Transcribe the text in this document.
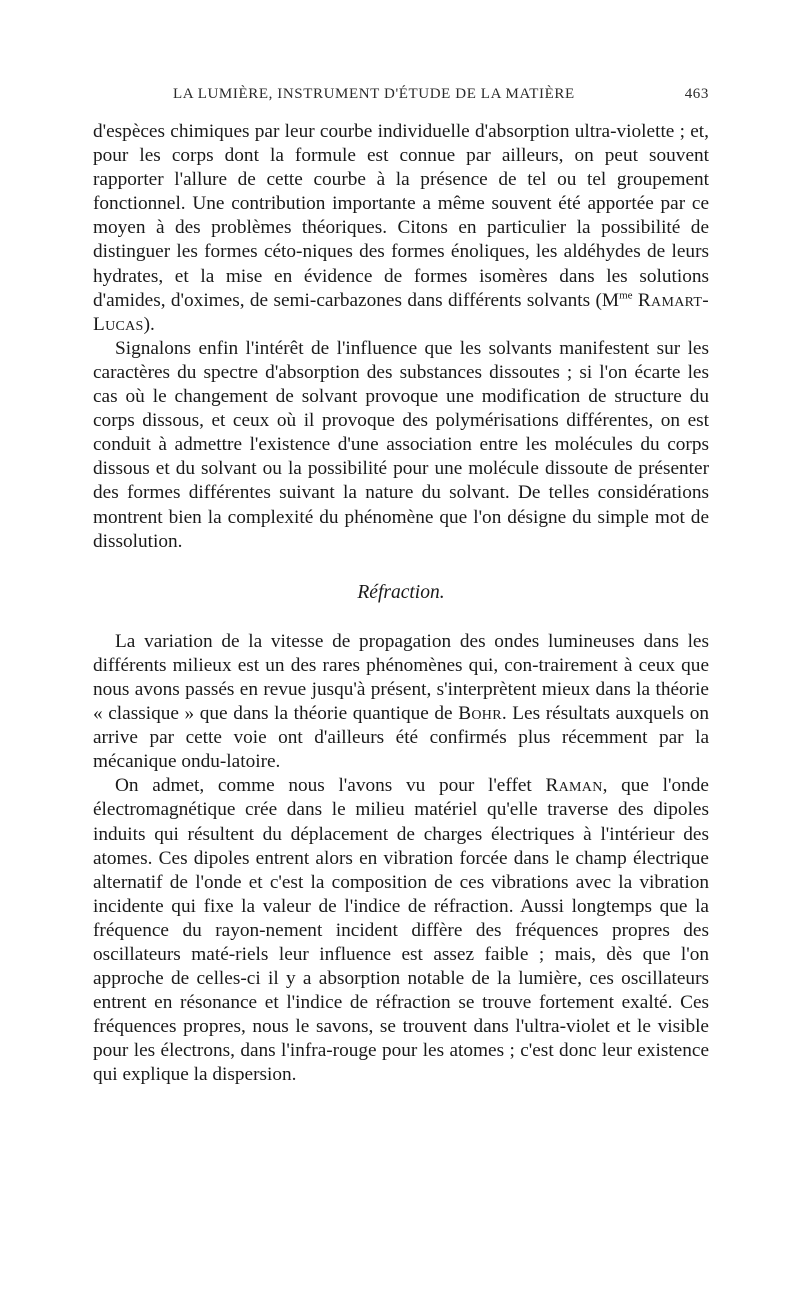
LA LUMIÈRE, INSTRUMENT D'ÉTUDE DE LA MATIÈRE	463

d'espèces chimiques par leur courbe individuelle d'absorption ultra-violette ; et, pour les corps dont la formule est connue par ailleurs, on peut souvent rapporter l'allure de cette courbe à la présence de tel ou tel groupement fonctionnel. Une contribution importante a même souvent été apportée par ce moyen à des problèmes théoriques. Citons en particulier la possibilité de distinguer les formes céto-niques des formes énoliques, les aldéhydes de leurs hydrates, et la mise en évidence de formes isomères dans les solutions d'amides, d'oximes, de semi-carbazones dans différents solvants ($M^{me}$ Ramart-Lucas).

Signalons enfin l'intérêt de l'influence que les solvants manifestent sur les caractères du spectre d'absorption des substances dissoutes ; si l'on écarte les cas où le changement de solvant provoque une modification de structure du corps dissous, et ceux où il provoque des polymérisations différentes, on est conduit à admettre l'existence d'une association entre les molécules du corps dissous et du solvant ou la possibilité pour une molécule dissoute de présenter des formes différentes suivant la nature du solvant. De telles considérations montrent bien la complexité du phénomène que l'on désigne du simple mot de dissolution.

Réfraction.

La variation de la vitesse de propagation des ondes lumineuses dans les différents milieux est un des rares phénomènes qui, con-trairement à ceux que nous avons passés en revue jusqu'à présent, s'interprètent mieux dans la théorie « classique » que dans la théorie quantique de Bohr. Les résultats auxquels on arrive par cette voie ont d'ailleurs été confirmés plus récemment par la mécanique ondu-latoire.

On admet, comme nous l'avons vu pour l'effet Raman, que l'onde électromagnétique crée dans le milieu matériel qu'elle traverse des dipoles induits qui résultent du déplacement de charges électriques à l'intérieur des atomes. Ces dipoles entrent alors en vibration forcée dans le champ électrique alternatif de l'onde et c'est la composition de ces vibrations avec la vibration incidente qui fixe la valeur de l'indice de réfraction. Aussi longtemps que la fréquence du rayon-nement incident diffère des fréquences propres des oscillateurs maté-riels leur influence est assez faible ; mais, dès que l'on approche de celles-ci il y a absorption notable de la lumière, ces oscillateurs entrent en résonance et l'indice de réfraction se trouve fortement exalté. Ces fréquences propres, nous le savons, se trouvent dans l'ultra-violet et le visible pour les électrons, dans l'infra-rouge pour les atomes ; c'est donc leur existence qui explique la dispersion.
